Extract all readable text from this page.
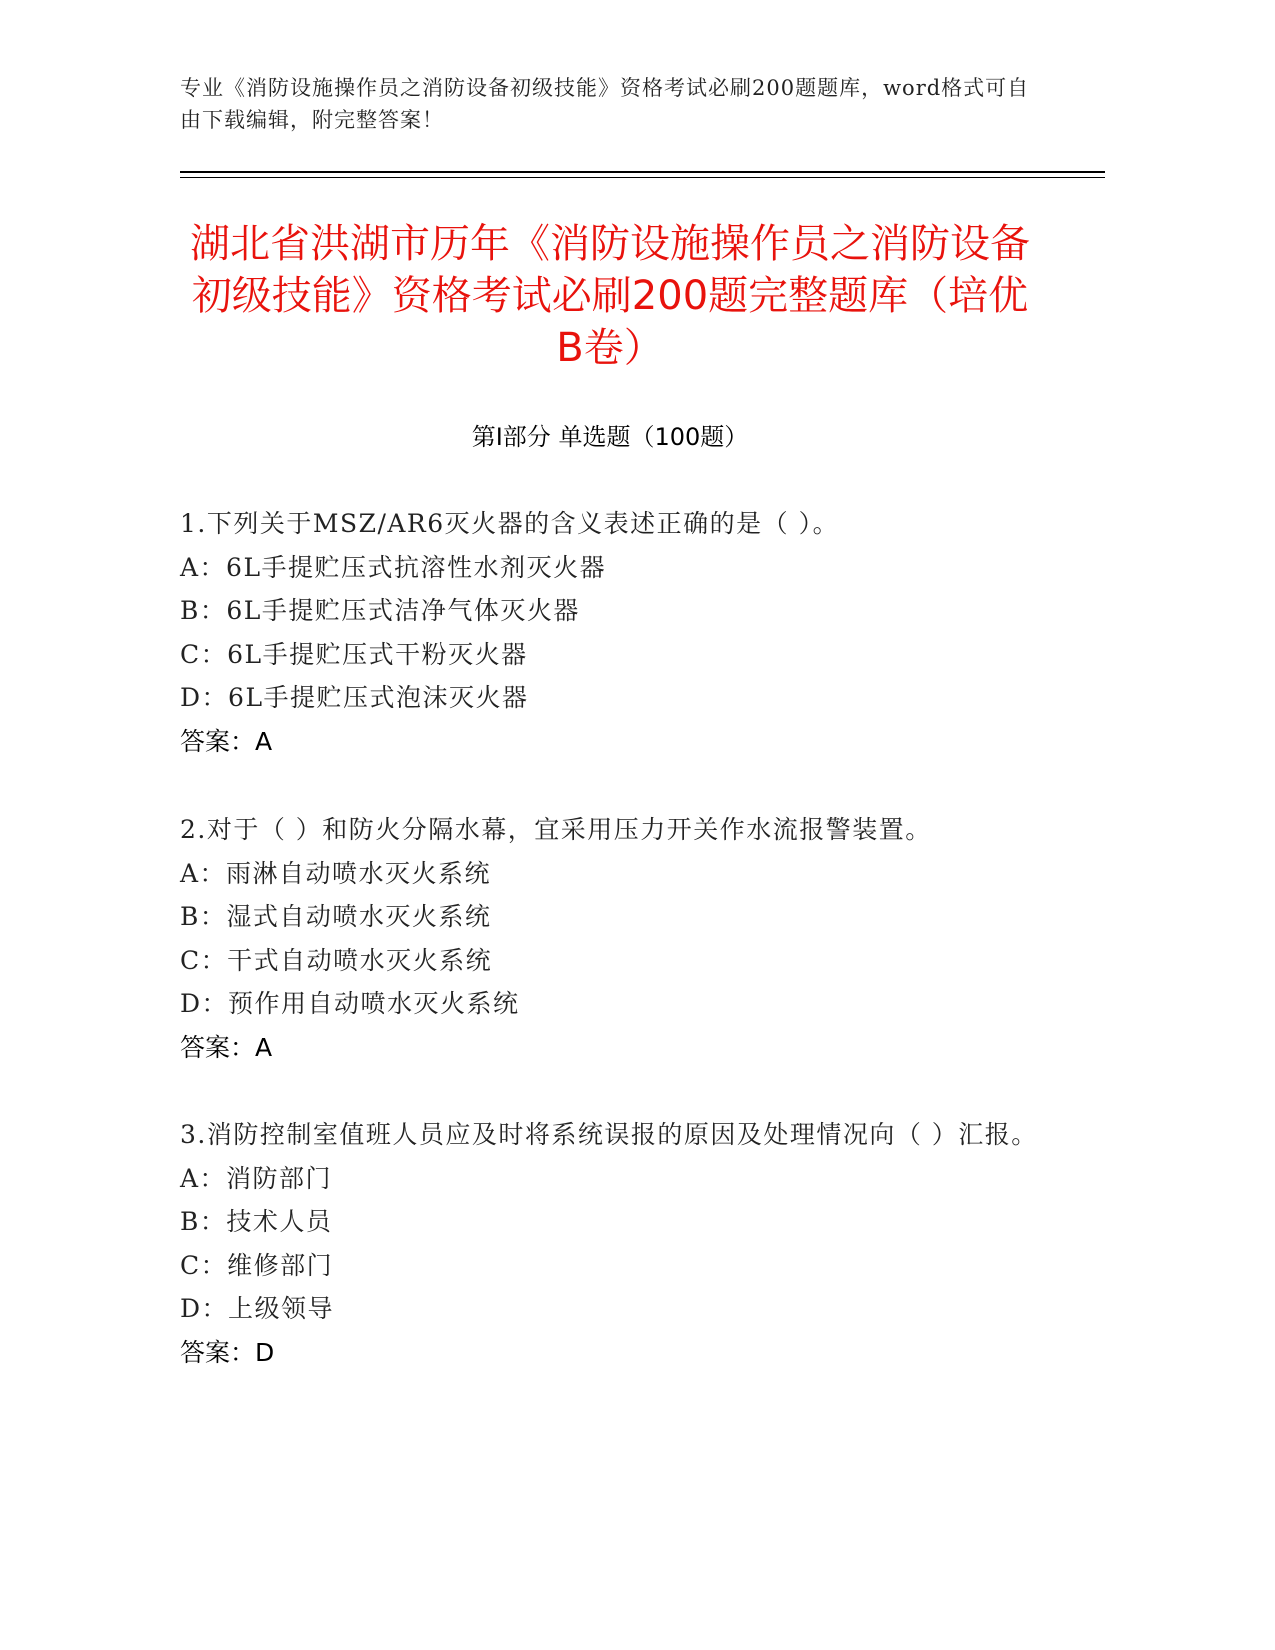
专业《消防设施操作员之消防设备初级技能》资格考试必刷200题题库，word格式可自由下载编辑，附完整答案！
湖北省洪湖市历年《消防设施操作员之消防设备初级技能》资格考试必刷200题完整题库（培优B卷）
第I部分 单选题（100题）

1.下列关于MSZ/AR6灭火器的含义表述正确的是（ ）。

A：6L手提贮压式抗溶性水剂灭火器

B：6L手提贮压式洁净气体灭火器

C：6L手提贮压式干粉灭火器

D：6L手提贮压式泡沫灭火器

答案：A

2.对于（ ）和防火分隔水幕，宜采用压力开关作水流报警装置。

A：雨淋自动喷水灭火系统

B：湿式自动喷水灭火系统

C：干式自动喷水灭火系统

D：预作用自动喷水灭火系统

答案：A

3.消防控制室值班人员应及时将系统误报的原因及处理情况向（ ）汇报。

A：消防部门

B：技术人员

C：维修部门

D：上级领导

答案：D
